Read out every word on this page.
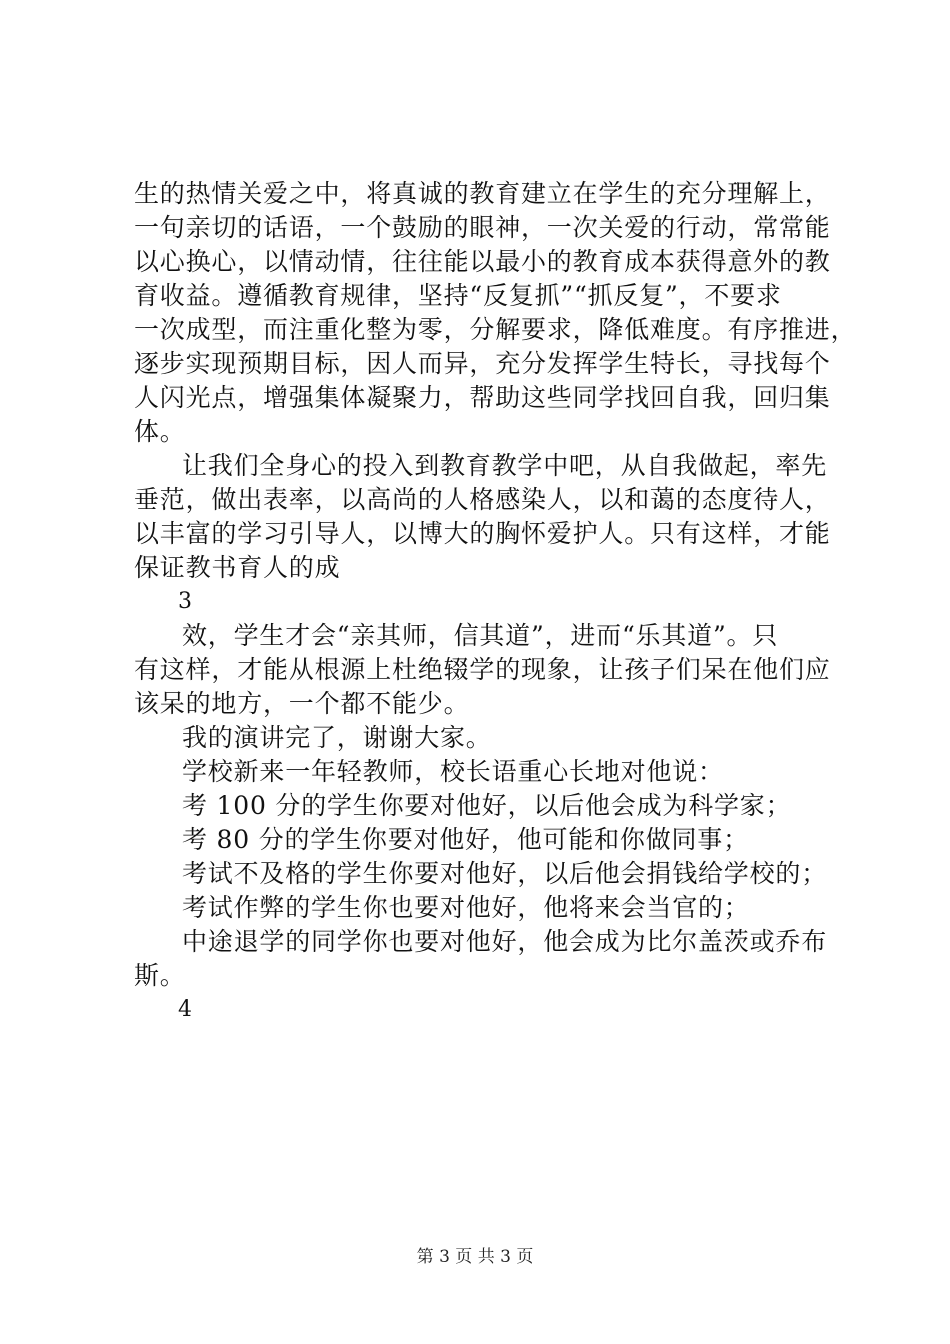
生的热情关爱之中，将真诚的教育建立在学生的充分理解上，
一句亲切的话语，一个鼓励的眼神，一次关爱的行动，常常能
以心换心，以情动情，往往能以最小的教育成本获得意外的教
育收益。遵循教育规律，坚持“反复抓”“抓反复”，不要求
一次成型，而注重化整为零，分解要求，降低难度。有序推进，
逐步实现预期目标，因人而异，充分发挥学生特长，寻找每个
人闪光点，增强集体凝聚力，帮助这些同学找回自我，回归集
体。
让我们全身心的投入到教育教学中吧，从自我做起，率先
垂范，做出表率，以高尚的人格感染人，以和蔼的态度待人，
以丰富的学习引导人，以博大的胸怀爱护人。只有这样，才能
保证教书育人的成
3
效，学生才会“亲其师，信其道”，进而“乐其道”。只
有这样，才能从根源上杜绝辍学的现象，让孩子们呆在他们应
该呆的地方，一个都不能少。
我的演讲完了，谢谢大家。
学校新来一年轻教师，校长语重心长地对他说：
考 100 分的学生你要对他好，以后他会成为科学家；
考 80 分的学生你要对他好，他可能和你做同事；
考试不及格的学生你要对他好，以后他会捐钱给学校的；
考试作弊的学生你也要对他好，他将来会当官的；
中途退学的同学你也要对他好，他会成为比尔盖茨或乔布
斯。
4
第 3 页 共 3 页
